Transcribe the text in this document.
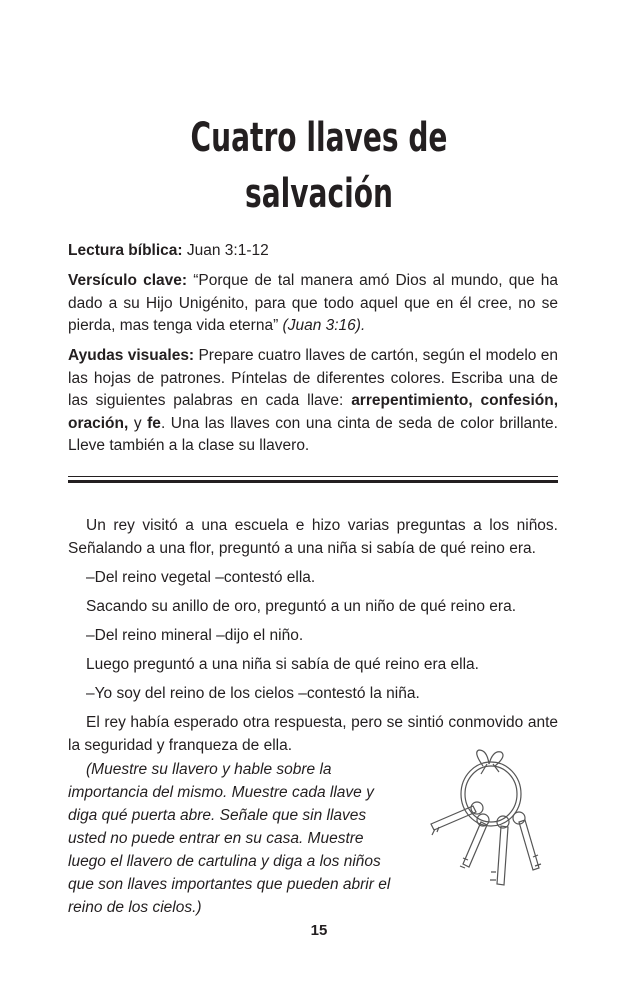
Cuatro llaves de
salvación
Lectura bíblica: Juan 3:1-12
Versículo clave: “Porque de tal manera amó Dios al mundo, que ha dado a su Hijo Unigénito, para que todo aquel que en él cree, no se pierda, mas tenga vida eterna” (Juan 3:16).
Ayudas visuales: Prepare cuatro llaves de cartón, según el modelo en las hojas de patrones. Píntelas de diferentes colores. Escriba una de las siguientes palabras en cada llave: arrepentimiento, confesión, oración, y fe. Una las llaves con una cinta de seda de color brillante. Lleve también a la clase su llavero.

Un rey visitó a una escuela e hizo varias preguntas a los niños. Señalando a una flor, preguntó a una niña si sabía de qué reino era.

–Del reino vegetal –contestó ella.

Sacando su anillo de oro, preguntó a un niño de qué reino era.

–Del reino mineral –dijo el niño.

Luego preguntó a una niña si sabía de qué reino era ella.

–Yo soy del reino de los cielos –contestó la niña.

El rey había esperado otra respuesta, pero se sintió conmovido ante la seguridad y franqueza de ella.

(Muestre su llavero y hable sobre la importancia del mismo. Muestre cada llave y diga qué puerta abre. Señale que sin llaves usted no puede entrar en su casa. Muestre luego el llavero de cartulina y diga a los niños que son llaves importantes que pueden abrir el reino de los cielos.)
15
